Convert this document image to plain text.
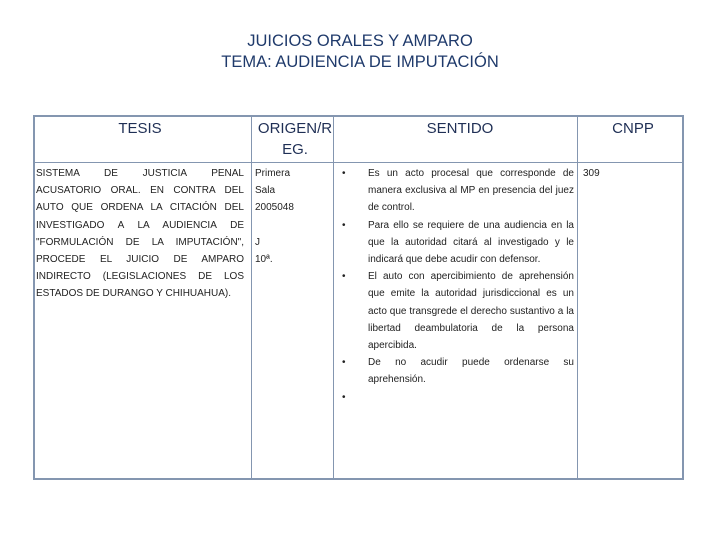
JUICIOS ORALES Y AMPARO
TEMA: AUDIENCIA DE IMPUTACIÓN
TESIS	ORIGEN/R EG.
SENTIDO	CNPP
SISTEMA DE JUSTICIA PENAL ACUSATORIO ORAL. EN CONTRA DEL AUTO QUE ORDENA LA CITACIÓN DEL INVESTIGADO A LA AUDIENCIA DE "FORMULACIÓN DE LA IMPUTACIÓN", PROCEDE EL JUICIO DE AMPARO INDIRECTO (LEGISLACIONES DE LOS ESTADOS DE DURANGO Y CHIHUAHUA).
Primera
Sala
2005048
J
10ª.
• Es un acto procesal que corresponde de manera exclusiva al MP en presencia del juez de control.
• Para ello se requiere de una audiencia en la que la autoridad citará al investigado y le indicará que debe acudir con defensor.
• El auto con apercibimiento de aprehensión que emite la autoridad jurisdiccional es un acto que transgrede el derecho sustantivo a la libertad deambulatoria de la persona apercibida.
• De no acudir puede ordenarse su aprehensión.
•
309
